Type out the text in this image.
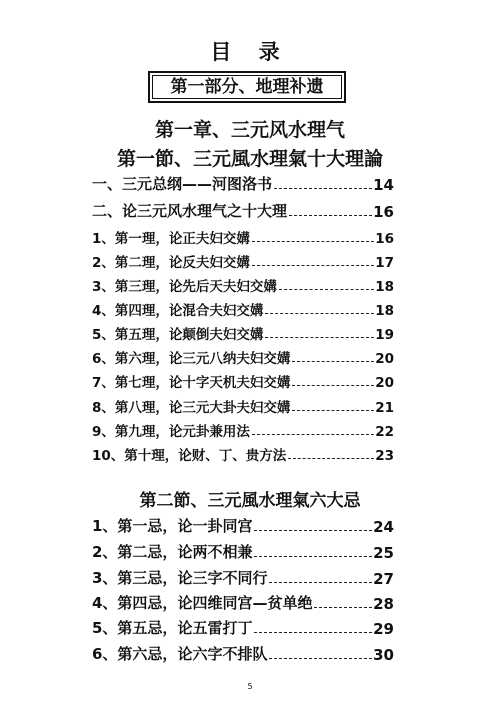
目 录
第一部分、地理补遗
第一章、三元风水理气
第一節、三元風水理氣十大理論
一、三元总纲——河图洛书	14
二、论三元风水理气之十大理	16
1、第一理，论正夫妇交媾	16
2、第二理，论反夫妇交媾	17
3、第三理，论先后天夫妇交媾	18
4、第四理，论混合夫妇交媾	18
5、第五理，论颠倒夫妇交媾	19
6、第六理，论三元八纳夫妇交媾	20
7、第七理，论十字天机夫妇交媾	20
8、第八理，论三元大卦夫妇交媾	21
9、第九理，论元卦兼用法	22
10、第十理，论财、丁、贵方法	23
第二節、三元風水理氣六大忌
1、第一忌，论一卦同宫	24
2、第二忌，论两不相兼	25
3、第三忌，论三字不同行	27
4、第四忌，论四维同宫—贫单绝	28
5、第五忌，论五雷打丁	29
6、第六忌，论六字不排队	30
5
